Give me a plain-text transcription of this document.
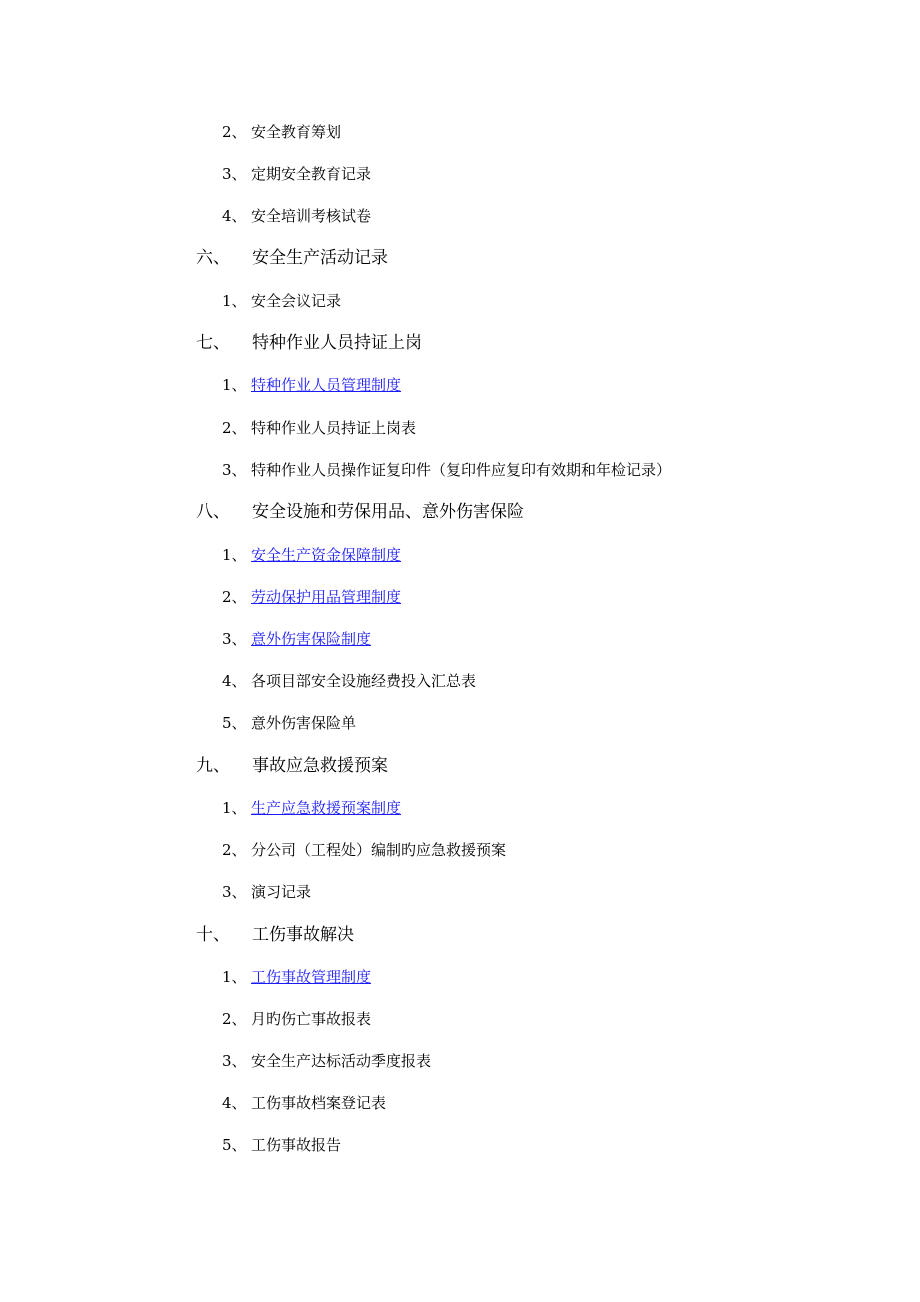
2、 安全教育筹划
3、 定期安全教育记录
4、 安全培训考核试卷
六、 安全生产活动记录
1、 安全会议记录
七、 特种作业人员持证上岗
1、 特种作业人员管理制度
2、 特种作业人员持证上岗表
3、 特种作业人员操作证复印件（复印件应复印有效期和年检记录）
八、 安全设施和劳保用品、意外伤害保险
1、 安全生产资金保障制度
2、 劳动保护用品管理制度
3、 意外伤害保险制度
4、 各项目部安全设施经费投入汇总表
5、 意外伤害保险单
九、 事故应急救援预案
1、 生产应急救援预案制度
2、 分公司（工程处）编制旳应急救援预案
3、 演习记录
十、 工伤事故解决
1、 工伤事故管理制度
2、 月旳伤亡事故报表
3、 安全生产达标活动季度报表
4、 工伤事故档案登记表
5、 工伤事故报告
